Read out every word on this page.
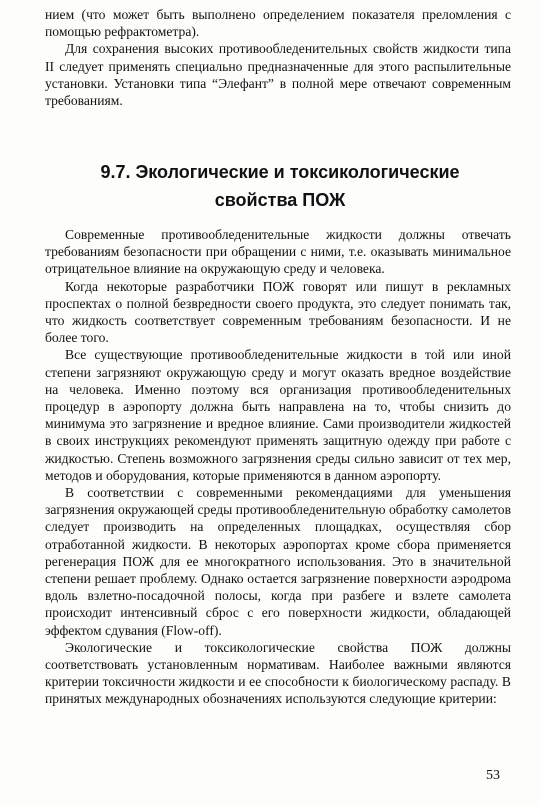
нием (что может быть выполнено определением показателя преломления с помощью рефрактометра).

Для сохранения высоких противообледенительных свойств жидкости типа II следует применять специально предназначенные для этого распылительные установки. Установки типа “Элефант” в полной мере отвечают современным требованиям.

9.7. Экологические и токсикологические
свойства ПОЖ

Современные противообледенительные жидкости должны отвечать требованиям безопасности при обращении с ними, т.е. оказывать минимальное отрицательное влияние на окружающую среду и человека.

Когда некоторые разработчики ПОЖ говорят или пишут в рекламных проспектах о полной безвредности своего продукта, это следует понимать так, что жидкость соответствует современным требованиям безопасности. И не более того.

Все существующие противообледенительные жидкости в той или иной степени загрязняют окружающую среду и могут оказать вредное воздействие на человека. Именно поэтому вся организация противообледенительных процедур в аэропорту должна быть направлена на то, чтобы снизить до минимума это загрязнение и вредное влияние. Сами производители жидкостей в своих инструкциях рекомендуют применять защитную одежду при работе с жидкостью. Степень возможного загрязнения среды сильно зависит от тех мер, методов и оборудования, которые применяются в данном аэропорту.

В соответствии с современными рекомендациями для уменьшения загрязнения окружающей среды противообледенительную обработку самолетов следует производить на определенных площадках, осуществляя сбор отработанной жидкости. В некоторых аэропортах кроме сбора применяется регенерация ПОЖ для ее многократного использования. Это в значительной степени решает проблему. Однако остается загрязнение поверхности аэродрома вдоль взлетно-посадочной полосы, когда при разбеге и взлете самолета происходит интенсивный сброс с его поверхности жидкости, обладающей эффектом сдувания (Flow-off).

Экологические и токсикологические свойства ПОЖ должны соответствовать установленным нормативам. Наиболее важными являются критерии токсичности жидкости и ее способности к биологическому распаду. В принятых международных обозначениях используются следующие критерии:

53
